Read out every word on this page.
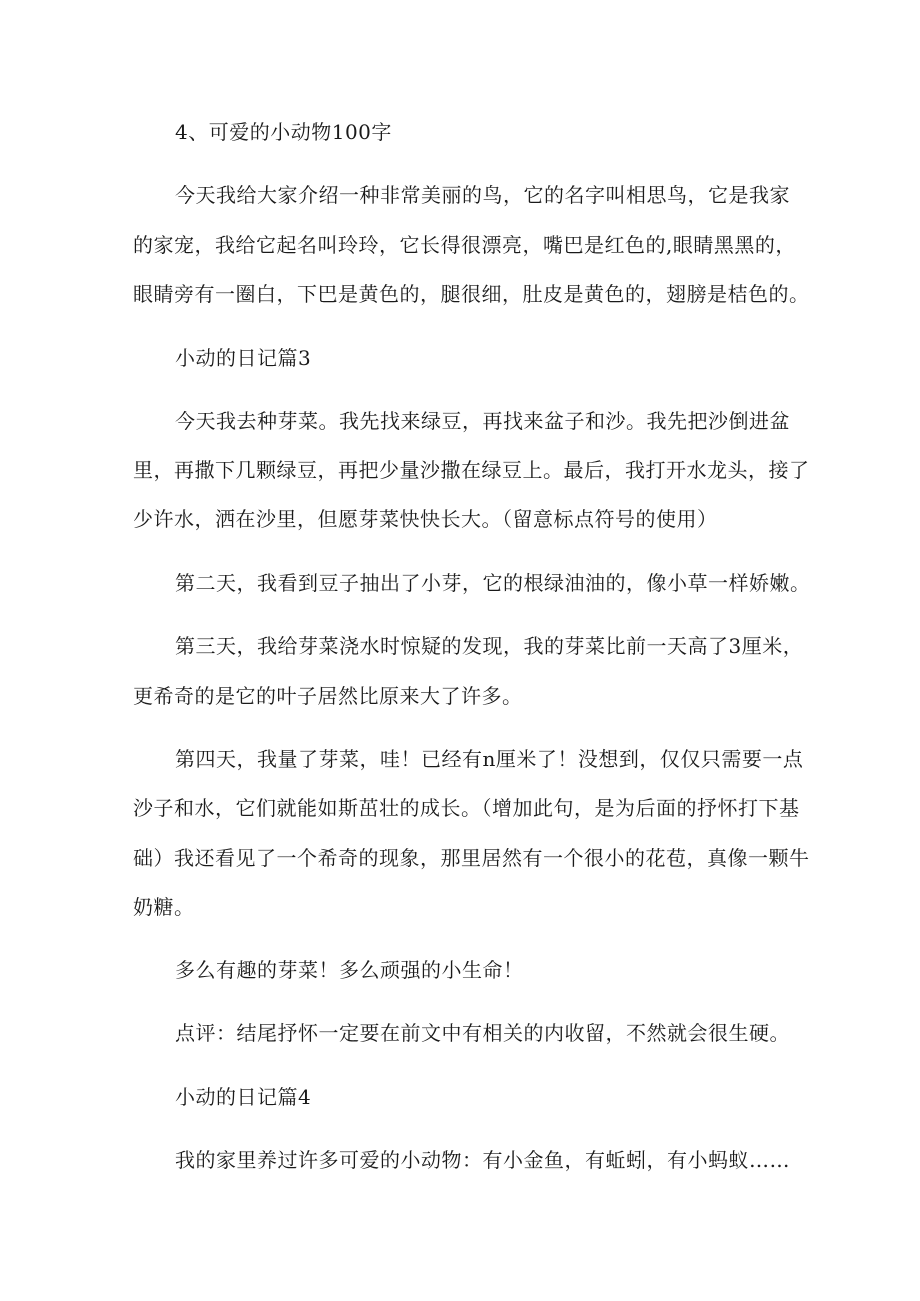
4、可爱的小动物100字

今天我给大家介绍一种非常美丽的鸟，它的名字叫相思鸟，它是我家

的家宠，我给它起名叫玲玲，它长得很漂亮，嘴巴是红色的,眼睛黑黑的，

眼睛旁有一圈白，下巴是黄色的，腿很细，肚皮是黄色的，翅膀是桔色的。

小动的日记篇3

今天我去种芽菜。我先找来绿豆，再找来盆子和沙。我先把沙倒进盆

里，再撒下几颗绿豆，再把少量沙撒在绿豆上。最后，我打开水龙头，接了

少许水，洒在沙里，但愿芽菜快快长大。（留意标点符号的使用）

第二天，我看到豆子抽出了小芽，它的根绿油油的，像小草一样娇嫩。

第三天，我给芽菜浇水时惊疑的发现，我的芽菜比前一天高了3厘米，

更希奇的是它的叶子居然比原来大了许多。

第四天，我量了芽菜，哇！已经有n厘米了！没想到，仅仅只需要一点

沙子和水，它们就能如斯茁壮的成长。（增加此句，是为后面的抒怀打下基

础）我还看见了一个希奇的现象，那里居然有一个很小的花苞，真像一颗牛

奶糖。

多么有趣的芽菜！多么顽强的小生命！

点评：结尾抒怀一定要在前文中有相关的内收留，不然就会很生硬。

小动的日记篇4

我的家里养过许多可爱的小动物：有小金鱼，有蚯蚓，有小蚂蚁……
